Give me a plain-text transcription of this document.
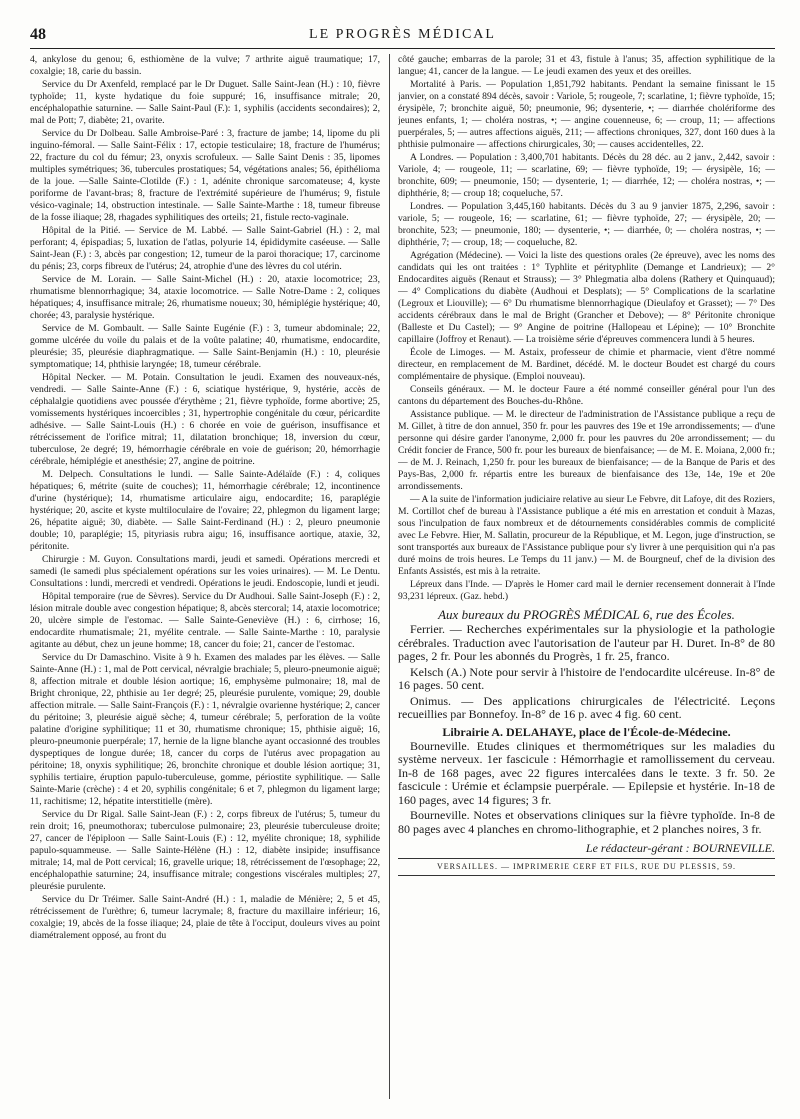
48	LE PROGRÈS MÉDICAL

4, ankylose du genou; 6, esthiomène de la vulve; 7 arthrite aiguë traumatique; 17, coxalgie; 18, carie du bassin.

Service du Dr Axenfeld, remplacé par le Dr Duguet. Salle Saint-Jean (H.) : 10, fièvre typhoïde; 11, kyste hydatique du foie suppuré; 16, insuffisance mitrale; 20, encéphalopathie saturnine. — Salle Saint-Paul (F.): 1, syphilis (accidents secondaires); 2, mal de Pott; 7, diabète; 21, ovarite.

Service du Dr Dolbeau. Salle Ambroise-Paré : 3, fracture de jambe; 14, lipome du pli inguino-fémoral. — Salle Saint-Félix : 17, ectopie testiculaire; 18, fracture de l'humérus; 22, fracture du col du fémur; 23, onyxis scrofuleux. — Salle Saint Denis : 35, lipomes multiples symétriques; 36, tubercules prostatiques; 54, végétations anales; 56, épithélioma de la joue. —Salle Sainte-Clotilde (F.) : 1, adénite chronique sarcomateuse; 4, kyste poriforme de l'avant-bras; 8, fracture de l'extrémité supérieure de l'humérus; 9, fistule vésico-vaginale; 14, obstruction intestinale. — Salle Sainte-Marthe : 18, tumeur fibreuse de la fosse iliaque; 28, rhagades syphilitiques des orteils; 21, fistule recto-vaginale.

Hôpital de la Pitié. — Service de M. Labbé. — Salle Saint-Gabriel (H.) : 2, mal perforant; 4, épispadias; 5, luxation de l'atlas, polyurie 14, épididymite caséeuse. — Salle Saint-Jean (F.) : 3, abcès par congestion; 12, tumeur de la paroi thoracique; 17, carcinome du pénis; 23, corps fibreux de l'utérus; 24, atrophie d'une des lèvres du col utérin.

Service de M. Lorain. — Salle Saint-Michel (H.) : 20, ataxie locomotrice; 23, rhumatisme blennorrhagique; 34, ataxie locomotrice. — Salle Notre-Dame : 2, coliques hépatiques; 4, insuffisance mitrale; 26, rhumatisme noueux; 30, hémiplégie hystérique; 40, chorée; 43, paralysie hystérique.

Service de M. Gombault. — Salle Sainte Eugénie (F.) : 3, tumeur abdominale; 22, gomme ulcérée du voile du palais et de la voûte palatine; 40, rhumatisme, endocardite, pleurésie; 35, pleurésie diaphragmatique. — Salle Saint-Benjamin (H.) : 10, pleurésie symptomatique; 14, phthisie laryngée; 18, tumeur cérébrale.

Hôpital Necker. — M. Potain. Consultation le jeudi. Examen des nouveaux-nés, vendredi. — Salle Sainte-Anne (F.) : 6, sciatique hystérique, 9, hystérie, accès de céphalalgie quotidiens avec poussée d'érythème ; 21, fièvre typhoïde, forme abortive; 25, vomissements hystériques incoercibles ; 31, hypertrophie congénitale du cœur, péricardite adhésive. — Salle Saint-Louis (H.) : 6 chorée en voie de guérison, insuffisance et rétrécissement de l'orifice mitral; 11, dilatation bronchique; 18, inversion du cœur, tuberculose, 2e degré; 19, hémorrhagie cérébrale en voie de guérison; 20, hémorrhagie cérébrale, hémiplégie et anesthésie; 27, angine de poitrine.

M. Delpech. Consultations le lundi. — Salle Sainte-Adélaïde (F.) : 4, coliques hépatiques; 6, métrite (suite de couches); 11, hémorrhagie cérébrale; 12, incontinence d'urine (hystérique); 14, rhumatisme articulaire aigu, endocardite; 16, paraplégie hystérique; 20, ascite et kyste multiloculaire de l'ovaire; 22, phlegmon du ligament large; 26, hépatite aiguë; 30, diabète. — Salle Saint-Ferdinand (H.) : 2, pleuro pneumonie double; 10, paraplégie; 15, pityriasis rubra aigu; 16, insuffisance aortique, ataxie, 32, péritonite.

Chirurgie : M. Guyon. Consultations mardi, jeudi et samedi. Opérations mercredi et samedi (le samedi plus spécialement opérations sur les voies urinaires). — M. Le Dentu. Consultations : lundi, mercredi et vendredi. Opérations le jeudi. Endoscopie, lundi et jeudi.

Hôpital temporaire (rue de Sèvres). Service du Dr Audhoui. Salle Saint-Joseph (F.) : 2, lésion mitrale double avec congestion hépatique; 8, abcès stercoral; 14, ataxie locomotrice; 20, ulcère simple de l'estomac. — Salle Sainte-Geneviève (H.) : 6, cirrhose; 16, endocardite rhumatismale; 21, myélite centrale. — Salle Sainte-Marthe : 10, paralysie agitante au début, chez un jeune homme; 18, cancer du foie; 21, cancer de l'estomac.

Service du Dr Damaschino. Visite à 9 h. Examen des malades par les élèves. — Salle Sainte-Anne (H.) : 1, mal de Pott cervical, névralgie brachiale; 5, pleuro-pneumonie aiguë; 8, affection mitrale et double lésion aortique; 16, emphysème pulmonaire; 18, mal de Bright chronique, 22, phthisie au 1er degré; 25, pleurésie purulente, vomique; 29, double affection mitrale. — Salle Saint-François (F.) : 1, névralgie ovarienne hystérique; 2, cancer du péritoine; 3, pleurésie aiguë sèche; 4, tumeur cérébrale; 5, perforation de la voûte palatine d'origine syphilitique; 11 et 30, rhumatisme chronique; 15, phthisie aiguë; 16, pleuro-pneumonie puerpérale; 17, hernie de la ligne blanche ayant occasionné des troubles dyspeptiques de longue durée; 18, cancer du corps de l'utérus avec propagation au péritoine; 18, onyxis syphilitique; 26, bronchite chronique et double lésion aortique; 31, syphilis tertiaire, éruption papulo-tuberculeuse, gomme, périostite syphilitique. — Salle Sainte-Marie (crèche) : 4 et 20, syphilis congénitale; 6 et 7, phlegmon du ligament large; 11, rachitisme; 12, hépatite interstitielle (mère).

Service du Dr Rigal. Salle Saint-Jean (F.) : 2, corps fibreux de l'utérus; 5, tumeur du rein droit; 16, pneumothorax; tuberculose pulmonaire; 23, pleurésie tuberculeuse droite; 27, cancer de l'épiploon — Salle Saint-Louis (F.) : 12, myélite chronique; 18, syphilide papulo-squammeuse. — Salle Sainte-Hélène (H.) : 12, diabète insipide; insuffisance mitrale; 14, mal de Pott cervical; 16, gravelle urique; 18, rétrécissement de l'œsophage; 22, encéphalopathie saturnine; 24, insuffisance mitrale; congestions viscérales multiples; 27, pleurésie purulente.

Service du Dr Tréimer. Salle Saint-André (H.) : 1, maladie de Ménière; 2, 5 et 45, rétrécissement de l'urèthre; 6, tumeur lacrymale; 8, fracture du maxillaire inférieur; 16, coxalgie; 19, abcès de la fosse iliaque; 24, plaie de tête à l'occiput, douleurs vives au point diamétralement opposé, au front du

côté gauche; embarras de la parole; 31 et 43, fistule à l'anus; 35, affection syphilitique de la langue; 41, cancer de la langue. — Le jeudi examen des yeux et des oreilles.

Mortalité à Paris. — Population 1,851,792 habitants. Pendant la semaine finissant le 15 janvier, on a constaté 894 décès, savoir : Variole, 5; rougeole, 7; scarlatine, 1; fièvre typhoïde, 15; érysipèle, 7; bronchite aiguë, 50; pneumonie, 96; dysenterie, •; — diarrhée cholériforme des jeunes enfants, 1; — choléra nostras, •; — angine couenneuse, 6; — croup, 11; — affections puerpérales, 5; — autres affections aiguës, 211; — affections chroniques, 327, dont 160 dues à la phthisie pulmonaire — affections chirurgicales, 30; — causes accidentelles, 22.

A Londres. — Population : 3,400,701 habitants. Décès du 28 déc. au 2 janv., 2,442, savoir : Variole, 4; — rougeole, 11; — scarlatine, 69; — fièvre typhoïde, 19; — érysipèle, 16; — bronchite, 609; — pneumonie, 150; — dysenterie, 1; — diarrhée, 12; — choléra nostras, •; — diphthérie, 8; — croup 18; coqueluche, 57.

Londres. — Population 3,445,160 habitants. Décès du 3 au 9 janvier 1875, 2,296, savoir : variole, 5; — rougeole, 16; — scarlatine, 61; — fièvre typhoïde, 27; — érysipèle, 20; — bronchite, 523; — pneumonie, 180; — dysenterie, •; — diarrhée, 0; — choléra nostras, •; — diphthérie, 7; — croup, 18; — coqueluche, 82.

Agrégation (Médecine). — Voici la liste des questions orales (2e épreuve), avec les noms des candidats qui les ont traitées : 1° Typhlite et pérityphlite (Demange et Landrieux); — 2° Endocardites aiguës (Renaut et Strauss); — 3° Phlegmatia alba dolens (Rathery et Quinquaud); — 4° Complications du diabète (Audhoui et Desplats); — 5° Complications de la scarlatine (Legroux et Liouville); — 6° Du rhumatisme blennorrhagique (Dieulafoy et Grasset); — 7° Des accidents cérébraux dans le mal de Bright (Grancher et Debove); — 8° Péritonite chronique (Balleste et Du Castel); — 9° Angine de poitrine (Hallopeau et Lépine); — 10° Bronchite capillaire (Joffroy et Renaut). — La troisième série d'épreuves commencera lundi à 5 heures.

École de Limoges. — M. Astaix, professeur de chimie et pharmacie, vient d'être nommé directeur, en remplacement de M. Bardinet, décédé. M. le docteur Boudet est chargé du cours complémentaire de physique. (Emploi nouveau).

Conseils généraux. — M. le docteur Faure a été nommé conseiller général pour l'un des cantons du département des Bouches-du-Rhône.

Assistance publique. — M. le directeur de l'administration de l'Assistance publique a reçu de M. Gillet, à titre de don annuel, 350 fr. pour les pauvres des 19e et 19e arrondissements; — d'une personne qui désire garder l'anonyme, 2,000 fr. pour les pauvres du 20e arrondissement; — du Crédit foncier de France, 500 fr. pour les bureaux de bienfaisance; — de M. E. Moiana, 2,000 fr.; — de M. J. Reinach, 1,250 fr. pour les bureaux de bienfaisance; — de la Banque de Paris et des Pays-Bas, 2,000 fr. répartis entre les bureaux de bienfaisance des 13e, 14e, 19e et 20e arrondissements.

— A la suite de l'information judiciaire relative au sieur Le Febvre, dit Lafoye, dit des Roziers, M. Cortillot chef de bureau à l'Assistance publique a été mis en arrestation et conduit à Mazas, sous l'inculpation de faux nombreux et de détournements considérables commis de complicité avec Le Febvre. Hier, M. Sallatin, procureur de la République, et M. Legon, juge d'instruction, se sont transportés aux bureaux de l'Assistance publique pour s'y livrer à une perquisition qui n'a pas duré moins de trois heures. Le Temps du 11 janv.) — M. de Bourgneuf, chef de la division des Enfants Assistés, est mis à la retraite.

Lépreux dans l'Inde. — D'après le Homer card mail le dernier recensement donnerait à l'Inde 93,231 lépreux. (Gaz. hebd.)

Aux bureaux du PROGRÈS MÉDICAL 6, rue des Écoles.

Ferrier. — Recherches expérimentales sur la physiologie et la pathologie cérébrales. Traduction avec l'autorisation de l'auteur par H. Duret. In-8° de 80 pages, 2 fr. Pour les abonnés du Progrès, 1 fr. 25, franco.

Kelsch (A.) Note pour servir à l'histoire de l'endocardite ulcéreuse. In-8° de 16 pages. 50 cent.

Onimus. — Des applications chirurgicales de l'électricité. Leçons recueillies par Bonnefoy. In-8° de 16 p. avec 4 fig. 60 cent.

Librairie A. DELAHAYE, place de l'École-de-Médecine.

Bourneville. Etudes cliniques et thermométriques sur les maladies du système nerveux. 1er fascicule : Hémorrhagie et ramollissement du cerveau. In-8 de 168 pages, avec 22 figures intercalées dans le texte. 3 fr. 50. 2e fascicule : Urémie et éclampsie puerpérale. — Epilepsie et hystérie. In-18 de 160 pages, avec 14 figures; 3 fr.

Bourneville. Notes et observations cliniques sur la fièvre typhoïde. In-8 de 80 pages avec 4 planches en chromo-lithographie, et 2 planches noires, 3 fr.

Le rédacteur-gérant : BOURNEVILLE.
VERSAILLES. — IMPRIMERIE CERF ET FILS, RUE DU PLESSIS, 59.
